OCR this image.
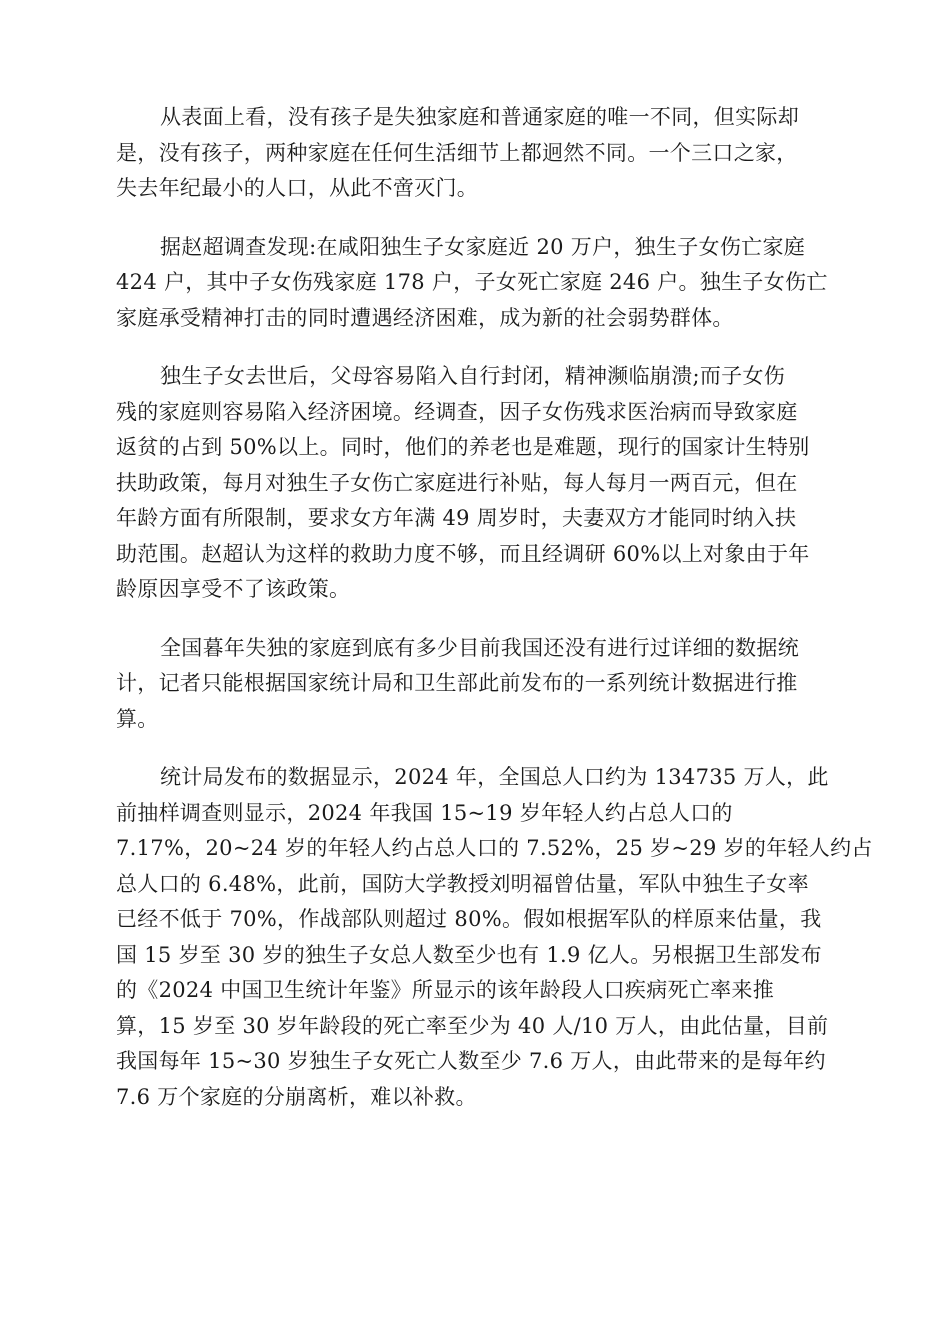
从表面上看，没有孩子是失独家庭和普通家庭的唯一不同，但实际却
是，没有孩子，两种家庭在任何生活细节上都迥然不同。一个三口之家，
失去年纪最小的人口，从此不啻灭门。
据赵超调查发现:在咸阳独生子女家庭近 20 万户，独生子女伤亡家庭
424 户，其中子女伤残家庭 178 户，子女死亡家庭 246 户。独生子女伤亡
家庭承受精神打击的同时遭遇经济困难，成为新的社会弱势群体。
独生子女去世后，父母容易陷入自行封闭，精神濒临崩溃;而子女伤
残的家庭则容易陷入经济困境。经调查，因子女伤残求医治病而导致家庭
返贫的占到 50%以上。同时，他们的养老也是难题，现行的国家计生特别
扶助政策，每月对独生子女伤亡家庭进行补贴，每人每月一两百元，但在
年龄方面有所限制，要求女方年满 49 周岁时，夫妻双方才能同时纳入扶
助范围。赵超认为这样的救助力度不够，而且经调研 60%以上对象由于年
龄原因享受不了该政策。
全国暮年失独的家庭到底有多少目前我国还没有进行过详细的数据统
计，记者只能根据国家统计局和卫生部此前发布的一系列统计数据进行推
算。
统计局发布的数据显示，2024 年，全国总人口约为 134735 万人，此
前抽样调查则显示，2024 年我国 15~19 岁年轻人约占总人口的
7.17%，20~24 岁的年轻人约占总人口的 7.52%，25 岁~29 岁的年轻人约占
总人口的 6.48%，此前，国防大学教授刘明福曾估量，军队中独生子女率
已经不低于 70%，作战部队则超过 80%。假如根据军队的样原来估量，我
国 15 岁至 30 岁的独生子女总人数至少也有 1.9 亿人。另根据卫生部发布
的《2024 中国卫生统计年鉴》所显示的该年龄段人口疾病死亡率来推
算，15 岁至 30 岁年龄段的死亡率至少为 40 人/10 万人，由此估量，目前
我国每年 15~30 岁独生子女死亡人数至少 7.6 万人，由此带来的是每年约
7.6 万个家庭的分崩离析，难以补救。
